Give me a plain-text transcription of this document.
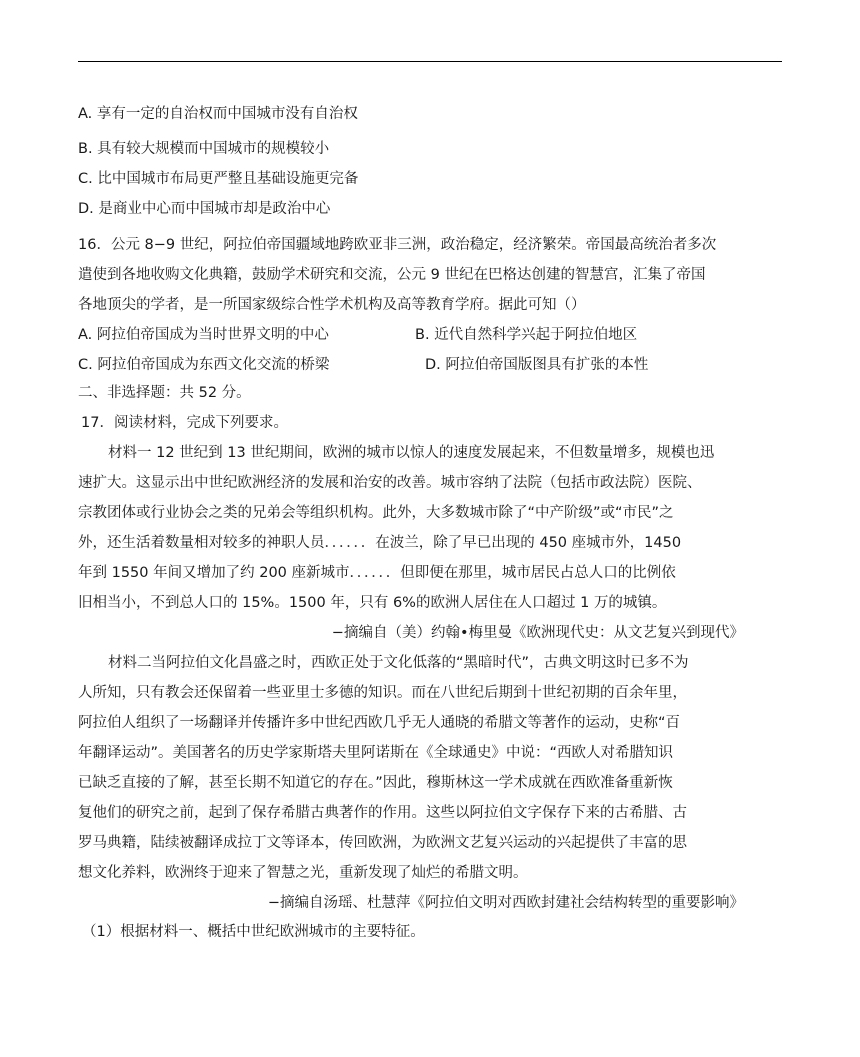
A. 享有一定的自治权而中国城市没有自治权
B. 具有较大规模而中国城市的规模较小
C. 比中国城市布局更严整且基础设施更完备
D. 是商业中心而中国城市却是政治中心
16．公元 8−9 世纪，阿拉伯帝国疆域地跨欧亚非三洲，政治稳定，经济繁荣。帝国最高统治者多次
遣使到各地收购文化典籍，鼓励学术研究和交流，公元 9 世纪在巴格达创建的智慧宫，汇集了帝国
各地顶尖的学者，是一所国家级综合性学术机构及高等教育学府。据此可知（）
A. 阿拉伯帝国成为当时世界文明的中心	B. 近代自然科学兴起于阿拉伯地区
C. 阿拉伯帝国成为东西文化交流的桥梁	D. 阿拉伯帝国版图具有扩张的本性
二、非选择题：共 52 分。
17．阅读材料，完成下列要求。
材料一 12 世纪到 13 世纪期间，欧洲的城市以惊人的速度发展起来，不但数量增多，规模也迅
速扩大。这显示出中世纪欧洲经济的发展和治安的改善。城市容纳了法院（包括市政法院）医院、
宗教团体或行业协会之类的兄弟会等组织机构。此外，大多数城市除了“中产阶级”或“市民”之
外，还生活着数量相对较多的神职人员．．．．．．在波兰，除了早已出现的 450 座城市外，1450
年到 1550 年间又增加了约 200 座新城市．．．．．．但即便在那里，城市居民占总人口的比例依
旧相当小，不到总人口的 15%。1500 年，只有 6%的欧洲人居住在人口超过 1 万的城镇。
−摘编自（美）约翰•梅里曼《欧洲现代史：从文艺复兴到现代》
材料二当阿拉伯文化昌盛之时，西欧正处于文化低落的“黑暗时代”，古典文明这时已多不为
人所知，只有教会还保留着一些亚里士多德的知识。而在八世纪后期到十世纪初期的百余年里，
阿拉伯人组织了一场翻译并传播许多中世纪西欧几乎无人通晓的希腊文等著作的运动，史称“百
年翻译运动”。美国著名的历史学家斯塔夫里阿诺斯在《全球通史》中说：“西欧人对希腊知识
已缺乏直接的了解，甚至长期不知道它的存在。”因此，穆斯林这一学术成就在西欧准备重新恢
复他们的研究之前，起到了保存希腊古典著作的作用。这些以阿拉伯文字保存下来的古希腊、古
罗马典籍，陆续被翻译成拉丁文等译本，传回欧洲，为欧洲文艺复兴运动的兴起提供了丰富的思
想文化养料，欧洲终于迎来了智慧之光，重新发现了灿烂的希腊文明。
−摘编自汤瑶、杜慧萍《阿拉伯文明对西欧封建社会结构转型的重要影响》
（1）根据材料一、概括中世纪欧洲城市的主要特征。
